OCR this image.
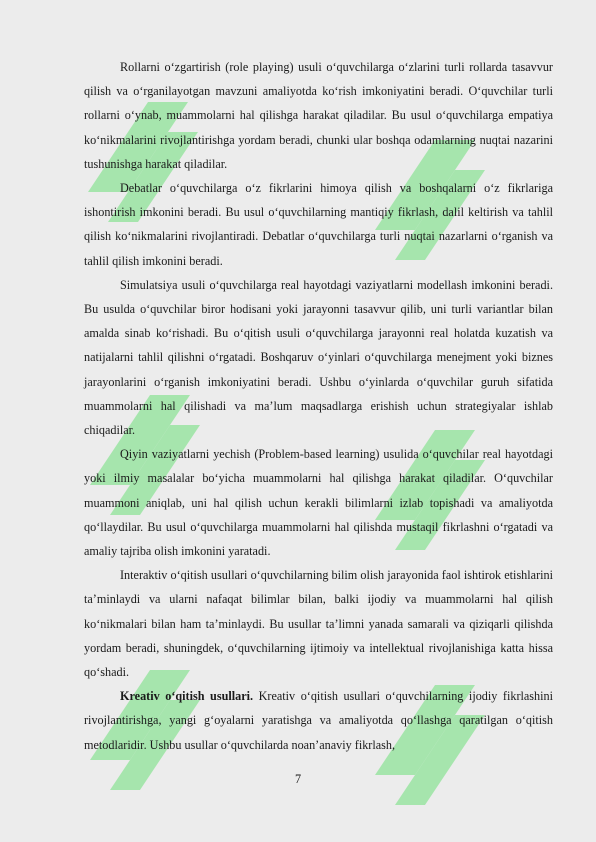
Rollarni o‘zgartirish (role playing) usuli o‘quvchilarga o‘zlarini turli rollarda tasavvur qilish va o‘rganilayotgan mavzuni amaliyotda ko‘rish imkoniyatini beradi. O‘quvchilar turli rollarni o‘ynab, muammolarni hal qilishga harakat qiladilar. Bu usul o‘quvchilarga empatiya ko‘nikmalarini rivojlantirishga yordam beradi, chunki ular boshqa odamlarning nuqtai nazarini tushunishga harakat qiladilar.

Debatlar o‘quvchilarga o‘z fikrlarini himoya qilish va boshqalarni o‘z fikrlariga ishontirish imkonini beradi. Bu usul o‘quvchilarning mantiqiy fikrlash, dalil keltirish va tahlil qilish ko‘nikmalarini rivojlantiradi. Debatlar o‘quvchilarga turli nuqtai nazarlarni o‘rganish va tahlil qilish imkonini beradi.

Simulatsiya usuli o‘quvchilarga real hayotdagi vaziyatlarni modellash imkonini beradi. Bu usulda o‘quvchilar biror hodisani yoki jarayonni tasavvur qilib, uni turli variantlar bilan amalda sinab ko‘rishadi. Bu o‘qitish usuli o‘quvchilarga jarayonni real holatda kuzatish va natijalarni tahlil qilishni o‘rgatadi. Boshqaruv o‘yinlari o‘quvchilarga menejment yoki biznes jarayonlarini o‘rganish imkoniyatini beradi. Ushbu o‘yinlarda o‘quvchilar guruh sifatida muammolarni hal qilishadi va ma’lum maqsadlarga erishish uchun strategiyalar ishlab chiqadilar.

Qiyin vaziyatlarni yechish (Problem-based learning) usulida o‘quvchilar real hayotdagi yoki ilmiy masalalar bo‘yicha muammolarni hal qilishga harakat qiladilar. O‘quvchilar muammoni aniqlab, uni hal qilish uchun kerakli bilimlarni izlab topishadi va amaliyotda qo‘llaydilar. Bu usul o‘quvchilarga muammolarni hal qilishda mustaqil fikrlashni o‘rgatadi va amaliy tajriba olish imkonini yaratadi.

Interaktiv o‘qitish usullari o‘quvchilarning bilim olish jarayonida faol ishtirok etishlarini ta’minlaydi va ularni nafaqat bilimlar bilan, balki ijodiy va muammolarni hal qilish ko‘nikmalari bilan ham ta’minlaydi. Bu usullar ta’limni yanada samarali va qiziqarli qilishda yordam beradi, shuningdek, o‘quvchilarning ijtimoiy va intellektual rivojlanishiga katta hissa qo‘shadi.

Kreativ o‘qitish usullari. Kreativ o‘qitish usullari o‘quvchilarning ijodiy fikrlashini rivojlantirishga, yangi g‘oyalarni yaratishga va amaliyotda qo‘llashga qaratilgan o‘qitish metodlaridir. Ushbu usullar o‘quvchilarda noan’anaviy fikrlash,

7
